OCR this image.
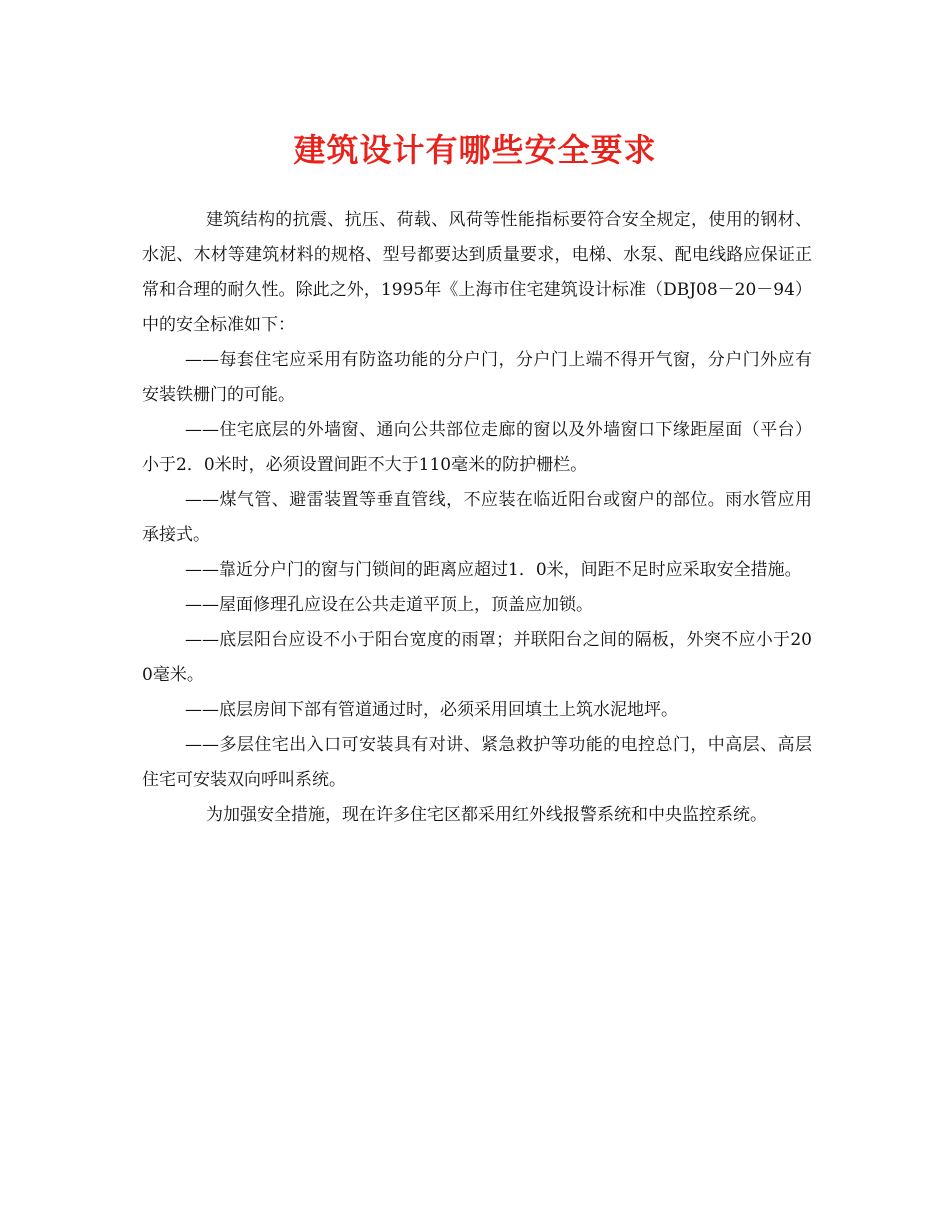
建筑设计有哪些安全要求

建筑结构的抗震、抗压、荷载、风荷等性能指标要符合安全规定，使用的钢材、水泥、木材等建筑材料的规格、型号都要达到质量要求，电梯、水泵、配电线路应保证正常和合理的耐久性。除此之外，1995年《上海市住宅建筑设计标准（DBJ08－20－94）中的安全标准如下：

——每套住宅应采用有防盗功能的分户门，分户门上端不得开气窗，分户门外应有安装铁栅门的可能。

——住宅底层的外墙窗、通向公共部位走廊的窗以及外墙窗口下缘距屋面（平台）小于2．0米时，必须设置间距不大于110毫米的防护栅栏。

——煤气管、避雷装置等垂直管线，不应装在临近阳台或窗户的部位。雨水管应用承接式。

——靠近分户门的窗与门锁间的距离应超过1．0米，间距不足时应采取安全措施。

——屋面修理孔应设在公共走道平顶上，顶盖应加锁。

——底层阳台应设不小于阳台宽度的雨罩；并联阳台之间的隔板，外突不应小于200毫米。

——底层房间下部有管道通过时，必须采用回填土上筑水泥地坪。

——多层住宅出入口可安装具有对讲、紧急救护等功能的电控总门，中高层、高层住宅可安装双向呼叫系统。

为加强安全措施，现在许多住宅区都采用红外线报警系统和中央监控系统。
